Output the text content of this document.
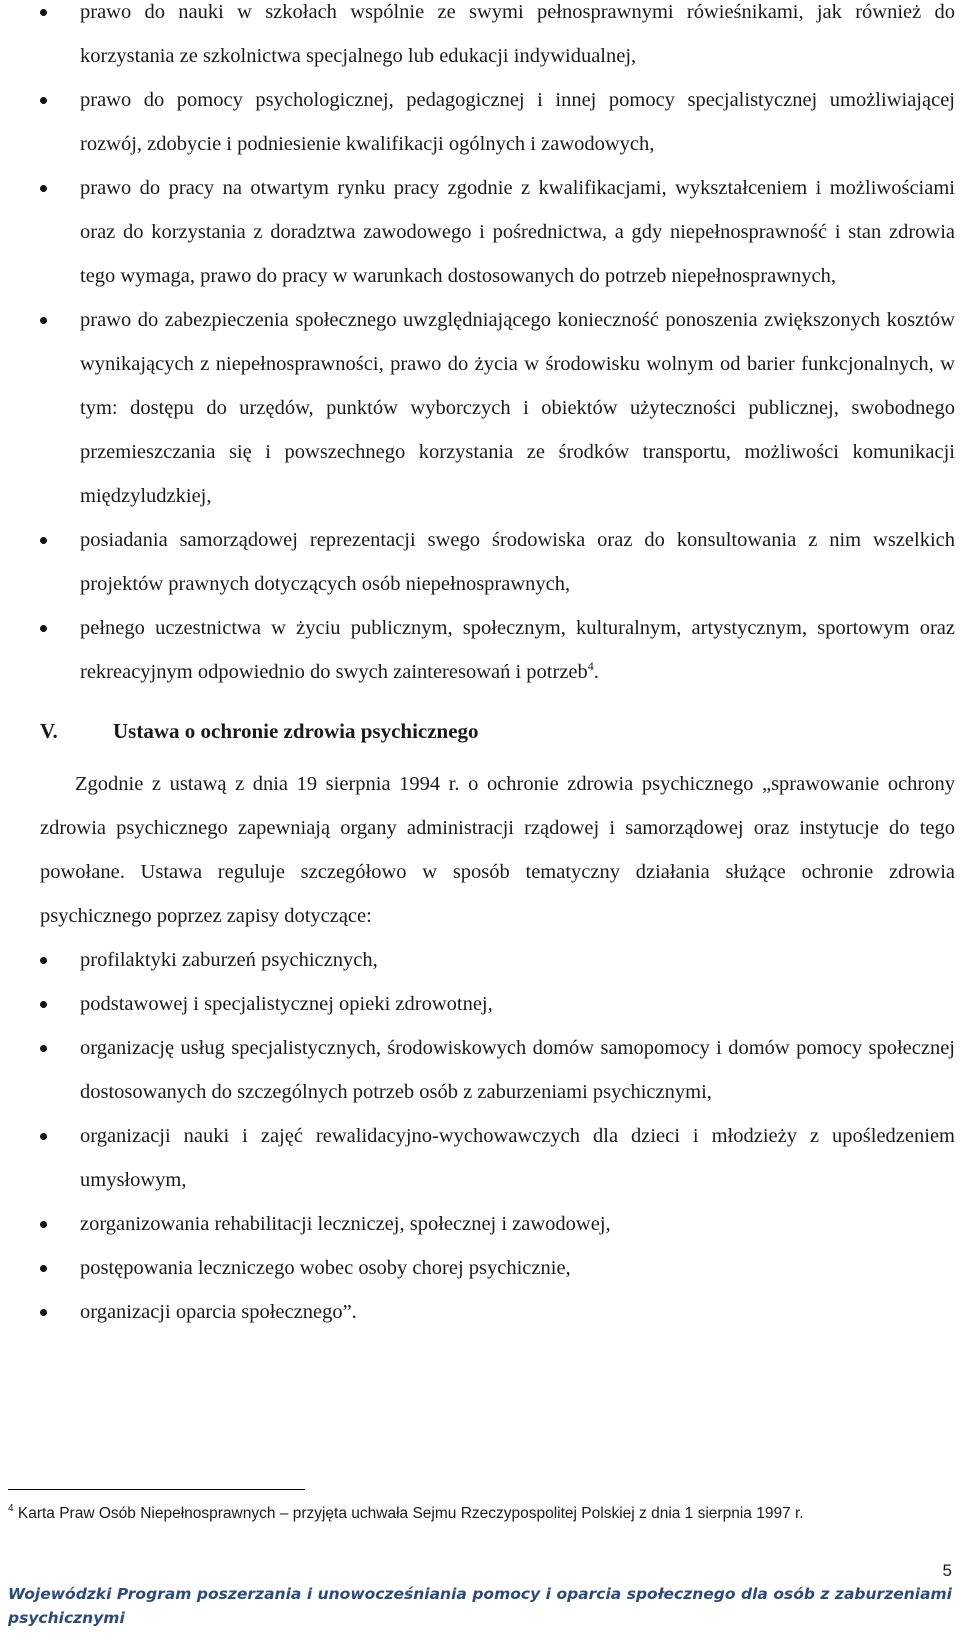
prawo do nauki w szkołach wspólnie ze swymi pełnosprawnymi rówieśnikami, jak również do korzystania ze szkolnictwa specjalnego lub edukacji indywidualnej,
prawo do pomocy psychologicznej, pedagogicznej i innej pomocy specjalistycznej umożliwiającej rozwój, zdobycie i podniesienie kwalifikacji ogólnych i zawodowych,
prawo do pracy na otwartym rynku pracy zgodnie z kwalifikacjami, wykształceniem i możliwościami oraz do korzystania z doradztwa zawodowego i pośrednictwa, a gdy niepełnosprawność i stan zdrowia tego wymaga, prawo do pracy w warunkach dostosowanych do potrzeb niepełnosprawnych,
prawo do zabezpieczenia społecznego uwzględniającego konieczność ponoszenia zwiększonych kosztów wynikających z niepełnosprawności, prawo do życia w środowisku wolnym od barier funkcjonalnych, w tym: dostępu do urzędów, punktów wyborczych i obiektów użyteczności publicznej, swobodnego przemieszczania się i powszechnego korzystania ze środków transportu, możliwości komunikacji międzyludzkiej,
posiadania samorządowej reprezentacji swego środowiska oraz do konsultowania z nim wszelkich projektów prawnych dotyczących osób niepełnosprawnych,
pełnego uczestnictwa w życiu publicznym, społecznym, kulturalnym, artystycznym, sportowym oraz rekreacyjnym odpowiednio do swych zainteresowań i potrzeb$^4$.
V.	Ustawa o ochronie zdrowia psychicznego

Zgodnie z ustawą z dnia 19 sierpnia 1994 r. o ochronie zdrowia psychicznego „sprawowanie ochrony zdrowia psychicznego zapewniają organy administracji rządowej i samorządowej oraz instytucje do tego powołane. Ustawa reguluje szczegółowo w sposób tematyczny działania służące ochronie zdrowia psychicznego poprzez zapisy dotyczące:

profilaktyki zaburzeń psychicznych,
podstawowej i specjalistycznej opieki zdrowotnej,
organizację usług specjalistycznych, środowiskowych domów samopomocy i domów pomocy społecznej dostosowanych do szczególnych potrzeb osób z zaburzeniami psychicznymi,
organizacji nauki i zajęć rewalidacyjno-wychowawczych dla dzieci i młodzieży z upośledzeniem umysłowym,
zorganizowania rehabilitacji leczniczej, społecznej i zawodowej,
postępowania leczniczego wobec osoby chorej psychicznie,
organizacji oparcia społecznego”.
$^4$ Karta Praw Osób Niepełnosprawnych – przyjęta uchwała Sejmu Rzeczypospolitej Polskiej z dnia 1 sierpnia 1997 r.
5
Wojewódzki Program poszerzania i unowocześniania pomocy i oparcia społecznego dla osób z zaburzeniami psychicznymi
